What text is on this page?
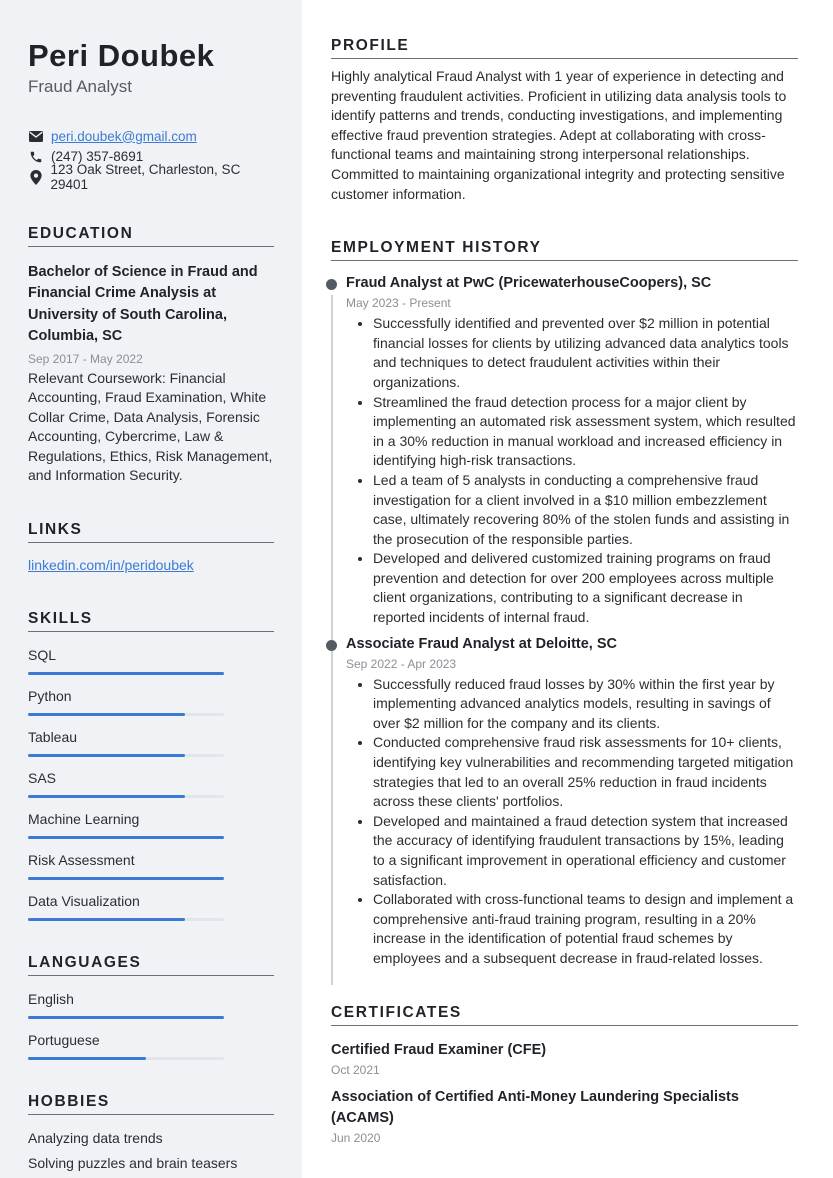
Peri Doubek
Fraud Analyst
peri.doubek@gmail.com
(247) 357-8691
123 Oak Street, Charleston, SC 29401
EDUCATION
Bachelor of Science in Fraud and Financial Crime Analysis at University of South Carolina, Columbia, SC
Sep 2017 - May 2022
Relevant Coursework: Financial Accounting, Fraud Examination, White Collar Crime, Data Analysis, Forensic Accounting, Cybercrime, Law & Regulations, Ethics, Risk Management, and Information Security.
LINKS
linkedin.com/in/peridoubek
SKILLS
SQL
Python
Tableau
SAS
Machine Learning
Risk Assessment
Data Visualization
LANGUAGES
English
Portuguese
HOBBIES
Analyzing data trends
Solving puzzles and brain teasers
PROFILE
Highly analytical Fraud Analyst with 1 year of experience in detecting and preventing fraudulent activities. Proficient in utilizing data analysis tools to identify patterns and trends, conducting investigations, and implementing effective fraud prevention strategies. Adept at collaborating with cross-functional teams and maintaining strong interpersonal relationships. Committed to maintaining organizational integrity and protecting sensitive customer information.
EMPLOYMENT HISTORY
Fraud Analyst at PwC (PricewaterhouseCoopers), SC
May 2023 - Present
• Successfully identified and prevented over $2 million in potential financial losses for clients by utilizing advanced data analytics tools and techniques to detect fraudulent activities within their organizations.
• Streamlined the fraud detection process for a major client by implementing an automated risk assessment system, which resulted in a 30% reduction in manual workload and increased efficiency in identifying high-risk transactions.
• Led a team of 5 analysts in conducting a comprehensive fraud investigation for a client involved in a $10 million embezzlement case, ultimately recovering 80% of the stolen funds and assisting in the prosecution of the responsible parties.
• Developed and delivered customized training programs on fraud prevention and detection for over 200 employees across multiple client organizations, contributing to a significant decrease in reported incidents of internal fraud.
Associate Fraud Analyst at Deloitte, SC
Sep 2022 - Apr 2023
• Successfully reduced fraud losses by 30% within the first year by implementing advanced analytics models, resulting in savings of over $2 million for the company and its clients.
• Conducted comprehensive fraud risk assessments for 10+ clients, identifying key vulnerabilities and recommending targeted mitigation strategies that led to an overall 25% reduction in fraud incidents across these clients' portfolios.
• Developed and maintained a fraud detection system that increased the accuracy of identifying fraudulent transactions by 15%, leading to a significant improvement in operational efficiency and customer satisfaction.
• Collaborated with cross-functional teams to design and implement a comprehensive anti-fraud training program, resulting in a 20% increase in the identification of potential fraud schemes by employees and a subsequent decrease in fraud-related losses.
CERTIFICATES
Certified Fraud Examiner (CFE)
Oct 2021
Association of Certified Anti-Money Laundering Specialists (ACAMS)
Jun 2020
